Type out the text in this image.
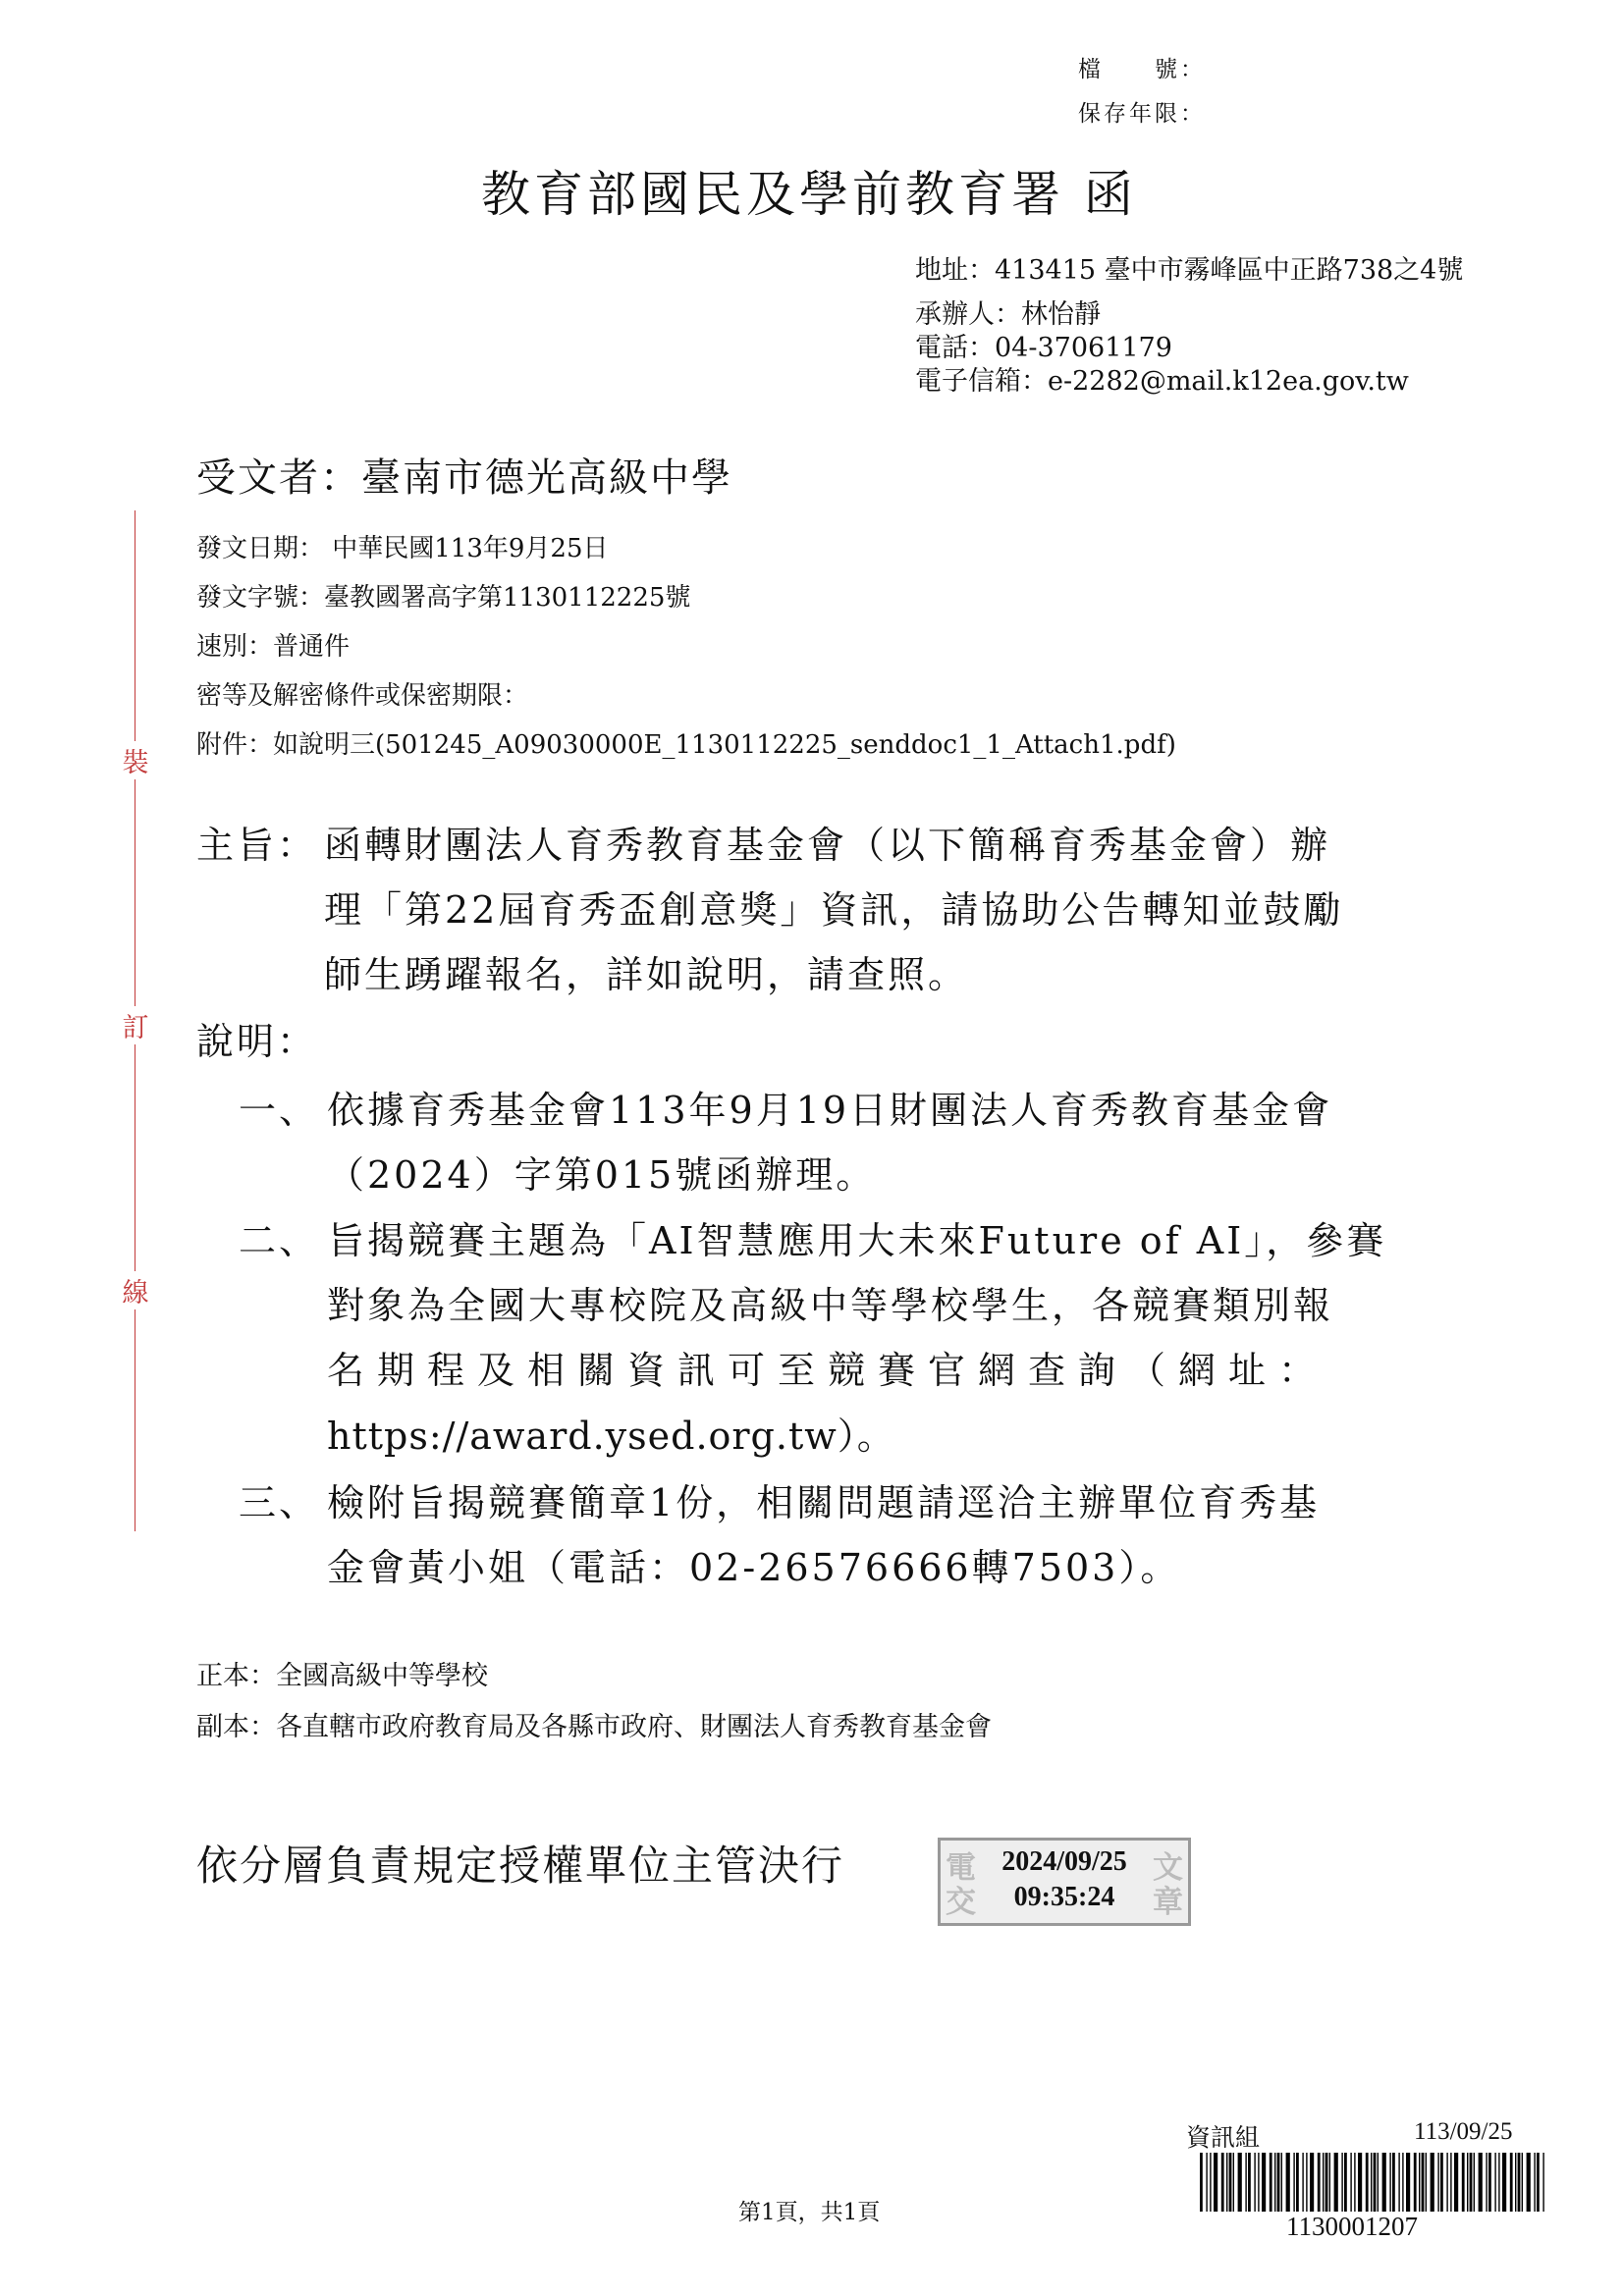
檔　　號：
保存年限：
教育部國民及學前教育署 函
地址：413415 臺中市霧峰區中正路738之4號
承辦人：林怡靜
電話：04-37061179
電子信箱：e-2282@mail.k12ea.gov.tw
受文者：臺南市德光高級中學
發文日期： 中華民國113年9月25日
發文字號：臺教國署高字第1130112225號
速別：普通件
密等及解密條件或保密期限：
附件：如說明三(501245_A09030000E_1130112225_senddoc1_1_Attach1.pdf)
裝
訂
線
主旨： 函轉財團法人育秀教育基金會（以下簡稱育秀基金會）辦
理「第22屆育秀盃創意獎」資訊，請協助公告轉知並鼓勵
師生踴躍報名，詳如說明，請查照。
說明：
一、 依據育秀基金會113年9月19日財團法人育秀教育基金會
（2024）字第015號函辦理。
二、 旨揭競賽主題為「AI智慧應用大未來Future of AI」，參賽
對象為全國大專校院及高級中等學校學生，各競賽類別報
名期程及相關資訊可至競賽官網查詢（網址：
https://award.ysed.org.tw）。
三、 檢附旨揭競賽簡章1份，相關問題請逕洽主辦單位育秀基
金會黃小姐（電話：02-26576666轉7503）。
正本：全國高級中等學校
副本：各直轄市政府教育局及各縣市政府、財團法人育秀教育基金會
依分層負責規定授權單位主管決行	電	文
交	章
2024/09/25
09:35:24
資訊組	113/09/25
1130001207
第1頁，共1頁
